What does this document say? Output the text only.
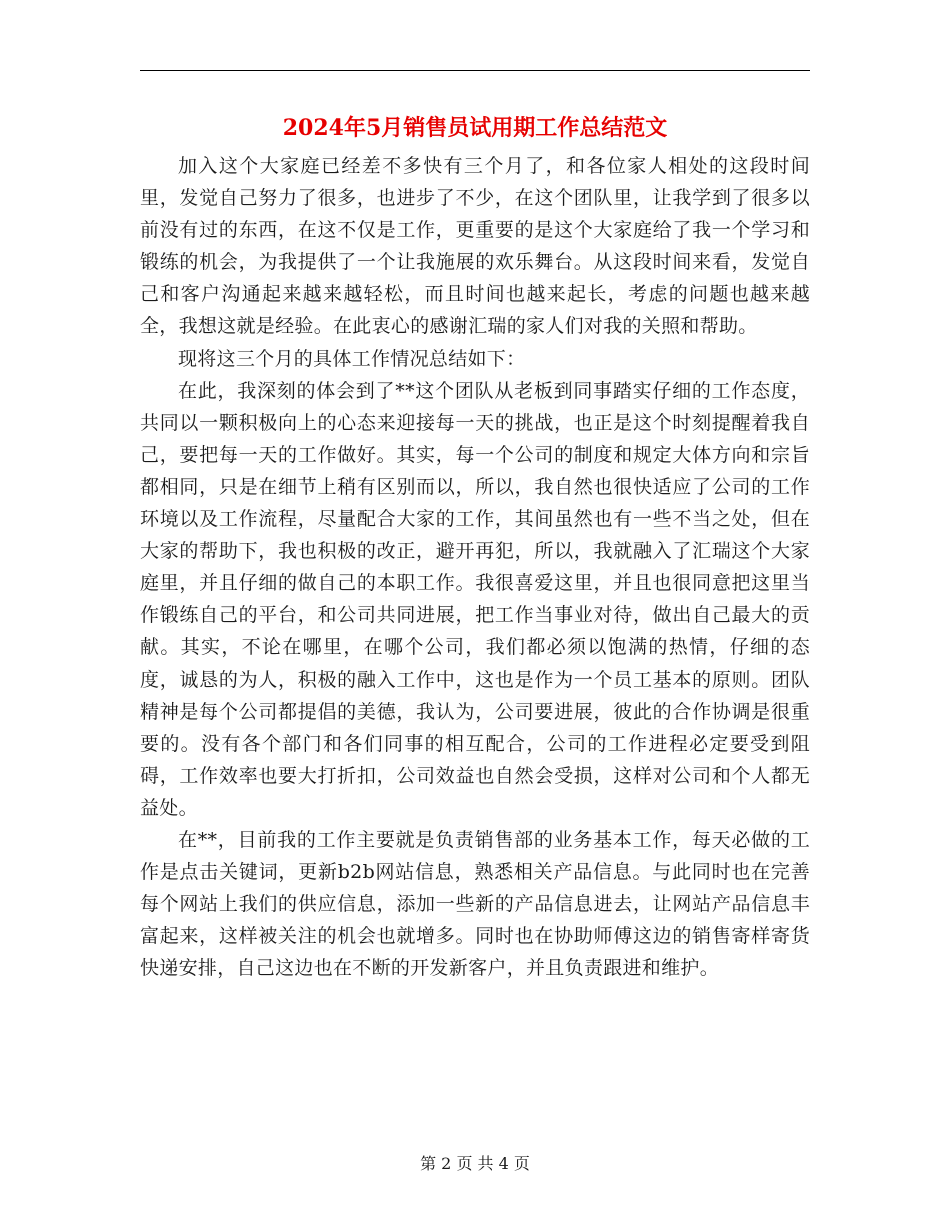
2024年5月销售员试用期工作总结范文

加入这个大家庭已经差不多快有三个月了，和各位家人相处的这段时间里，发觉自己努力了很多，也进步了不少，在这个团队里，让我学到了很多以前没有过的东西，在这不仅是工作，更重要的是这个大家庭给了我一个学习和锻练的机会，为我提供了一个让我施展的欢乐舞台。从这段时间来看，发觉自己和客户沟通起来越来越轻松，而且时间也越来起长，考虑的问题也越来越全，我想这就是经验。在此衷心的感谢汇瑞的家人们对我的关照和帮助。

现将这三个月的具体工作情况总结如下：

在此，我深刻的体会到了**这个团队从老板到同事踏实仔细的工作态度，共同以一颗积极向上的心态来迎接每一天的挑战，也正是这个时刻提醒着我自己，要把每一天的工作做好。其实，每一个公司的制度和规定大体方向和宗旨都相同，只是在细节上稍有区别而以，所以，我自然也很快适应了公司的工作环境以及工作流程，尽量配合大家的工作，其间虽然也有一些不当之处，但在大家的帮助下，我也积极的改正，避开再犯，所以，我就融入了汇瑞这个大家庭里，并且仔细的做自己的本职工作。我很喜爱这里，并且也很同意把这里当作锻练自己的平台，和公司共同进展，把工作当事业对待，做出自己最大的贡献。其实，不论在哪里，在哪个公司，我们都必须以饱满的热情，仔细的态度，诚恳的为人，积极的融入工作中，这也是作为一个员工基本的原则。团队精神是每个公司都提倡的美德，我认为，公司要进展，彼此的合作协调是很重要的。没有各个部门和各们同事的相互配合，公司的工作进程必定要受到阻碍，工作效率也要大打折扣，公司效益也自然会受损，这样对公司和个人都无益处。

在**，目前我的工作主要就是负责销售部的业务基本工作，每天必做的工作是点击关键词，更新b2b网站信息，熟悉相关产品信息。与此同时也在完善每个网站上我们的供应信息，添加一些新的产品信息进去，让网站产品信息丰富起来，这样被关注的机会也就增多。同时也在协助师傅这边的销售寄样寄货快递安排，自己这边也在不断的开发新客户，并且负责跟进和维护。

第 2 页 共 4 页
